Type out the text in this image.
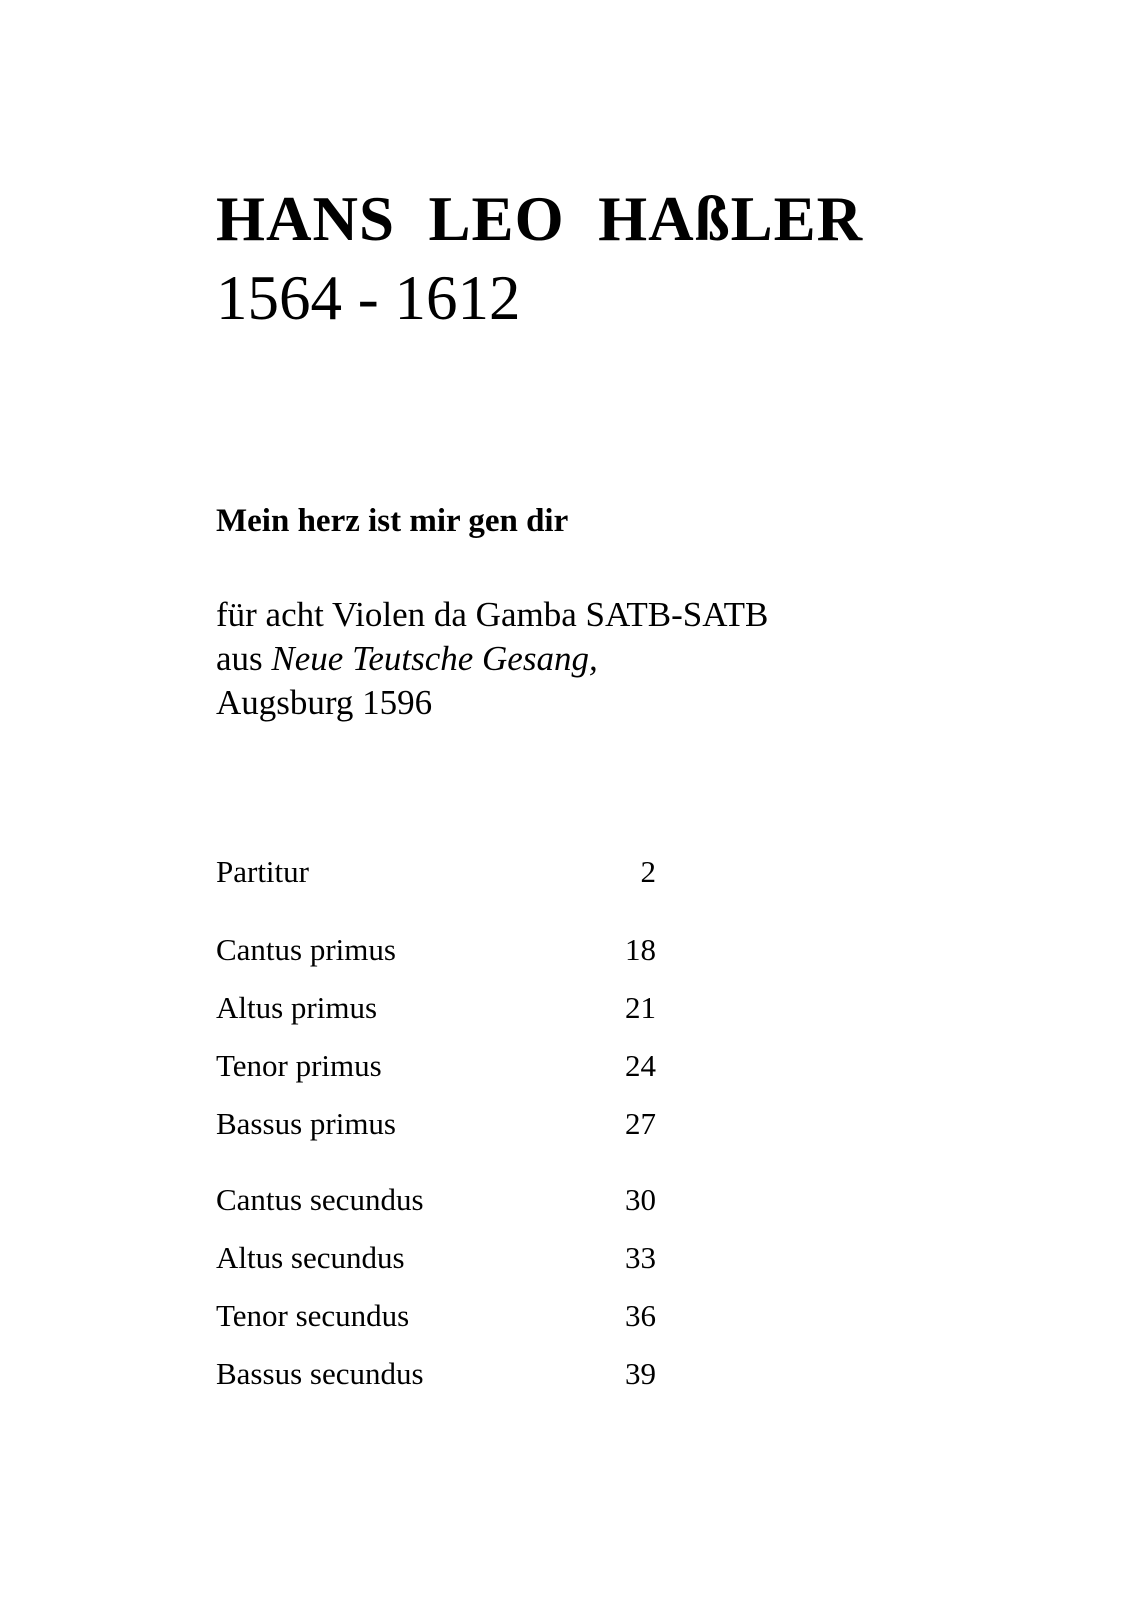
HANS  LEO  HAßLER
1564 - 1612
Mein herz ist mir gen dir
für acht Violen da Gamba SATB-SATB
aus Neue Teutsche Gesang,
Augsburg 1596
Partitur	2
Cantus primus	18
Altus primus	21
Tenor primus	24
Bassus primus	27
Cantus secundus	30
Altus secundus	33
Tenor secundus	36
Bassus secundus	39
